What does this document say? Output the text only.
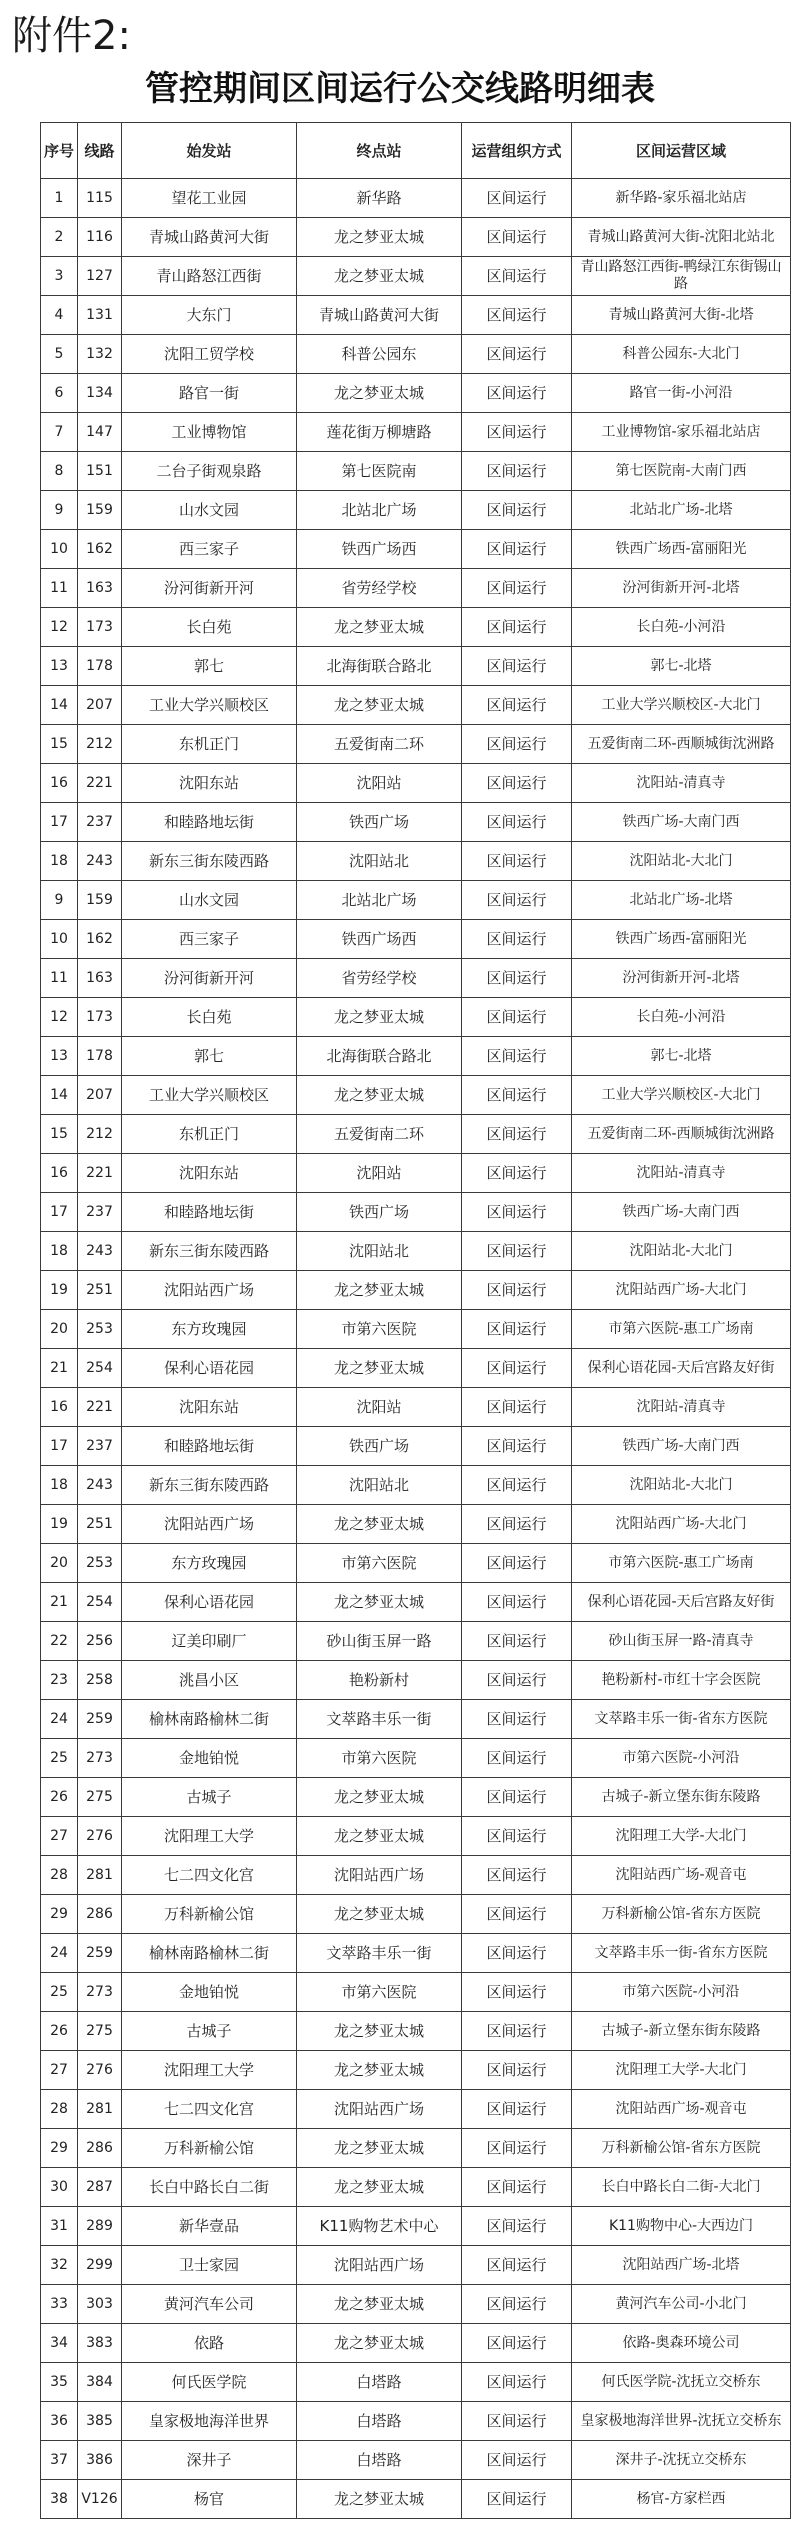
附件2:
管控期间区间运行公交线路明细表
序号	线路	始发站	终点站	运营组织方式	区间运营区域
1	115	望花工业园	新华路	区间运行	新华路-家乐福北站店
2	116	青城山路黄河大街	龙之梦亚太城	区间运行	青城山路黄河大街-沈阳北站北
3	127	青山路怒江西街	龙之梦亚太城	区间运行	青山路怒江西街-鸭绿江东街锡山路
4	131	大东门	青城山路黄河大街	区间运行	青城山路黄河大街-北塔
5	132	沈阳工贸学校	科普公园东	区间运行	科普公园东-大北门
6	134	路官一街	龙之梦亚太城	区间运行	路官一街-小河沿
7	147	工业博物馆	莲花街万柳塘路	区间运行	工业博物馆-家乐福北站店
8	151	二台子街观泉路	第七医院南	区间运行	第七医院南-大南门西
9	159	山水文园	北站北广场	区间运行	北站北广场-北塔
10	162	西三家子	铁西广场西	区间运行	铁西广场西-富丽阳光
11	163	汾河街新开河	省劳经学校	区间运行	汾河街新开河-北塔
12	173	长白苑	龙之梦亚太城	区间运行	长白苑-小河沿
13	178	郭七	北海街联合路北	区间运行	郭七-北塔
14	207	工业大学兴顺校区	龙之梦亚太城	区间运行	工业大学兴顺校区-大北门
15	212	东机正门	五爱街南二环	区间运行	五爱街南二环-西顺城街沈洲路
16	221	沈阳东站	沈阳站	区间运行	沈阳站-清真寺
17	237	和睦路地坛街	铁西广场	区间运行	铁西广场-大南门西
18	243	新东三街东陵西路	沈阳站北	区间运行	沈阳站北-大北门
9	159	山水文园	北站北广场	区间运行	北站北广场-北塔
10	162	西三家子	铁西广场西	区间运行	铁西广场西-富丽阳光
11	163	汾河街新开河	省劳经学校	区间运行	汾河街新开河-北塔
12	173	长白苑	龙之梦亚太城	区间运行	长白苑-小河沿
13	178	郭七	北海街联合路北	区间运行	郭七-北塔
14	207	工业大学兴顺校区	龙之梦亚太城	区间运行	工业大学兴顺校区-大北门
15	212	东机正门	五爱街南二环	区间运行	五爱街南二环-西顺城街沈洲路
16	221	沈阳东站	沈阳站	区间运行	沈阳站-清真寺
17	237	和睦路地坛街	铁西广场	区间运行	铁西广场-大南门西
18	243	新东三街东陵西路	沈阳站北	区间运行	沈阳站北-大北门
19	251	沈阳站西广场	龙之梦亚太城	区间运行	沈阳站西广场-大北门
20	253	东方玫瑰园	市第六医院	区间运行	市第六医院-惠工广场南
21	254	保利心语花园	龙之梦亚太城	区间运行	保利心语花园-天后宫路友好街
16	221	沈阳东站	沈阳站	区间运行	沈阳站-清真寺
17	237	和睦路地坛街	铁西广场	区间运行	铁西广场-大南门西
18	243	新东三街东陵西路	沈阳站北	区间运行	沈阳站北-大北门
19	251	沈阳站西广场	龙之梦亚太城	区间运行	沈阳站西广场-大北门
20	253	东方玫瑰园	市第六医院	区间运行	市第六医院-惠工广场南
21	254	保利心语花园	龙之梦亚太城	区间运行	保利心语花园-天后宫路友好街
22	256	辽美印刷厂	砂山街玉屏一路	区间运行	砂山街玉屏一路-清真寺
23	258	洮昌小区	艳粉新村	区间运行	艳粉新村-市红十字会医院
24	259	榆林南路榆林二街	文萃路丰乐一街	区间运行	文萃路丰乐一街-省东方医院
25	273	金地铂悦	市第六医院	区间运行	市第六医院-小河沿
26	275	古城子	龙之梦亚太城	区间运行	古城子-新立堡东街东陵路
27	276	沈阳理工大学	龙之梦亚太城	区间运行	沈阳理工大学-大北门
28	281	七二四文化宫	沈阳站西广场	区间运行	沈阳站西广场-观音屯
29	286	万科新榆公馆	龙之梦亚太城	区间运行	万科新榆公馆-省东方医院
24	259	榆林南路榆林二街	文萃路丰乐一街	区间运行	文萃路丰乐一街-省东方医院
25	273	金地铂悦	市第六医院	区间运行	市第六医院-小河沿
26	275	古城子	龙之梦亚太城	区间运行	古城子-新立堡东街东陵路
27	276	沈阳理工大学	龙之梦亚太城	区间运行	沈阳理工大学-大北门
28	281	七二四文化宫	沈阳站西广场	区间运行	沈阳站西广场-观音屯
29	286	万科新榆公馆	龙之梦亚太城	区间运行	万科新榆公馆-省东方医院
30	287	长白中路长白二街	龙之梦亚太城	区间运行	长白中路长白二街-大北门
31	289	新华壹品	K11购物艺术中心	区间运行	K11购物中心-大西边门
32	299	卫士家园	沈阳站西广场	区间运行	沈阳站西广场-北塔
33	303	黄河汽车公司	龙之梦亚太城	区间运行	黄河汽车公司-小北门
34	383	依路	龙之梦亚太城	区间运行	依路-奥森环境公司
35	384	何氏医学院	白塔路	区间运行	何氏医学院-沈抚立交桥东
36	385	皇家极地海洋世界	白塔路	区间运行	皇家极地海洋世界-沈抚立交桥东
37	386	深井子	白塔路	区间运行	深井子-沈抚立交桥东
38	V126	杨官	龙之梦亚太城	区间运行	杨官-方家栏西
